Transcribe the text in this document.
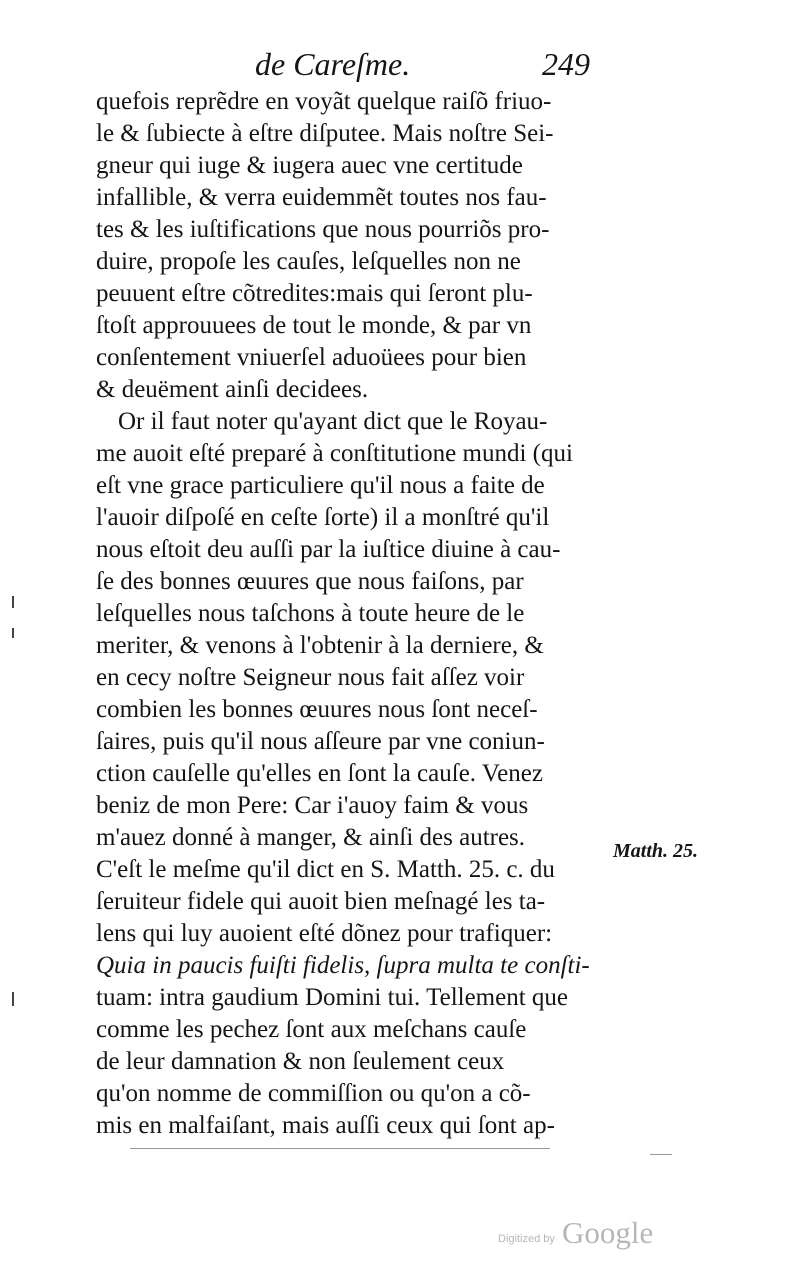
de Careſme.	249
quefois reprẽdre en voyãt quelque raiſõ friuo-
le & ſubiecte à eſtre diſputee. Mais noſtre Sei-
gneur qui iuge & iugera auec vne certitude
infallible, & verra euidemmẽt toutes nos fau-
tes & les iuſtifications que nous pourriõs pro-
duire, propoſe les cauſes, leſquelles non ne
peuuent eſtre cõtredites:mais qui ſeront plu-
ſtoſt approuuees de tout le monde, & par vn
conſentement vniuerſel aduoüees pour bien
& deuëment ainſi decidees.
Or il faut noter qu'ayant dict que le Royau-
me auoit eſté preparé à conſtitutione mundi (qui
eſt vne grace particuliere qu'il nous a faite de
l'auoir diſpoſé en ceſte ſorte) il a monſtré qu'il
nous eſtoit deu auſſi par la iuſtice diuine à cau-
ſe des bonnes œuures que nous faiſons, par
leſquelles nous taſchons à toute heure de le
meriter, & venons à l'obtenir à la derniere, &
en cecy noſtre Seigneur nous fait aſſez voir
combien les bonnes œuures nous ſont neceſ-
ſaires, puis qu'il nous aſſeure par vne coniun-
ction cauſelle qu'elles en ſont la cauſe. Venez
beniz de mon Pere: Car i'auoy faim & vous
m'auez donné à manger, & ainſi des autres.
C'eſt le meſme qu'il dict en S. Matth. 25. c. du
ſeruiteur fidele qui auoit bien meſnagé les ta-
lens qui luy auoient eſté dõnez pour trafiquer:
Quia in paucis fuiſti fidelis, ſupra multa te conſti-
tuam: intra gaudium Domini tui. Tellement que
comme les pechez ſont aux meſchans cauſe
de leur damnation & non ſeulement ceux
qu'on nomme de commiſſion ou qu'on a cõ-
mis en malfaiſant, mais auſſi ceux qui ſont ap-
Matth. 25.
Digitized by Google
